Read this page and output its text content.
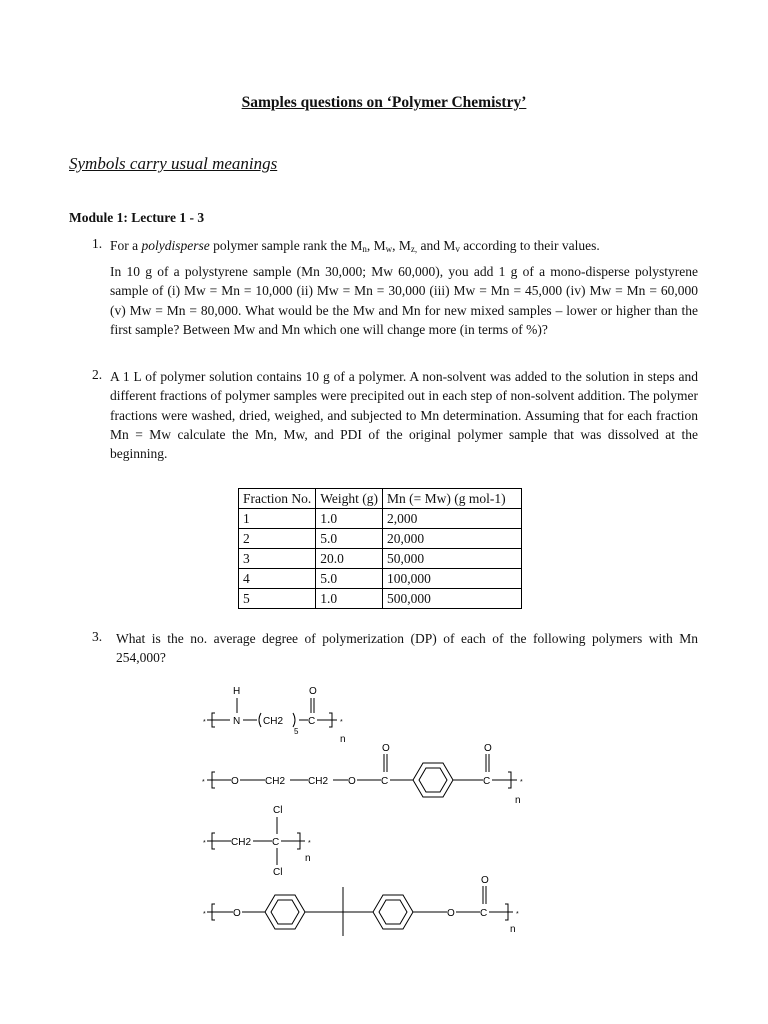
Samples questions on ‘Polymer Chemistry’
Symbols carry usual meanings
Module 1: Lecture 1 - 3
1. For a polydisperse polymer sample rank the $M_n$, $M_w$, $M_{z,}$ and $M_v$ according to their values.
In 10 g of a polystyrene sample (Mn 30,000; Mw 60,000), you add 1 g of a mono-disperse polystyrene sample of (i) Mw = Mn = 10,000 (ii) Mw = Mn = 30,000 (iii) Mw = Mn = 45,000 (iv) Mw = Mn = 60,000 (v) Mw = Mn = 80,000. What would be the Mw and Mn for new mixed samples – lower or higher than the first sample? Between Mw and Mn which one will change more (in terms of %)?
2. A 1 L of polymer solution contains 10 g of a polymer. A non-solvent was added to the solution in steps and different fractions of polymer samples were precipited out in each step of non-solvent addition. The polymer fractions were washed, dried, weighed, and subjected to Mn determination. Assuming that for each fraction Mn = Mw calculate the Mn, Mw, and PDI of the original polymer sample that was dissolved at the beginning.
Fraction No.	Weight (g)	Mn (= Mw) (g mol-1)
1	1.0	2,000
2	5.0	20,000
3	20.0	50,000
4	5.0	100,000
5	1.0	500,000
3. What is the no. average degree of polymerization (DP) of each of the following polymers with Mn 254,000?
*
H
N CH2
5
C
O
*
n
*	O	CH2 CH2 O	C
O
C
O
*
n
*	CH2 C
Cl
Cl
*
n
*	O	O	C
O
*
n
